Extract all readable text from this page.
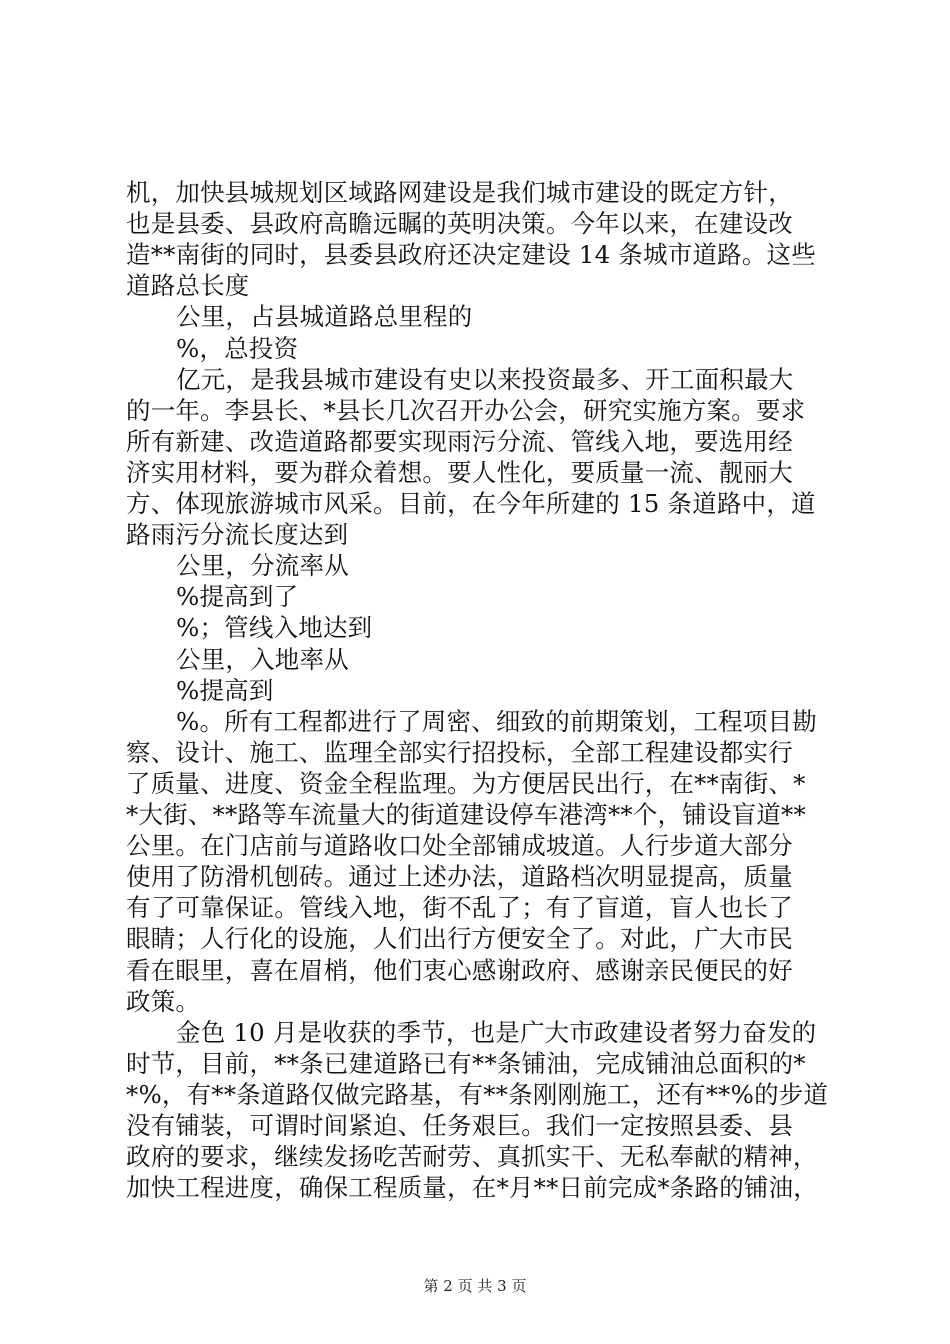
机，加快县城规划区域路网建设是我们城市建设的既定方针，
也是县委、县政府高瞻远瞩的英明决策。今年以来，在建设改
造**南街的同时，县委县政府还决定建设 14 条城市道路。这些
道路总长度
公里，占县城道路总里程的
%，总投资
亿元，是我县城市建设有史以来投资最多、开工面积最大
的一年。李县长、*县长几次召开办公会，研究实施方案。要求
所有新建、改造道路都要实现雨污分流、管线入地，要选用经
济实用材料，要为群众着想。要人性化，要质量一流、靓丽大
方、体现旅游城市风采。目前，在今年所建的 15 条道路中，道
路雨污分流长度达到
公里，分流率从
%提高到了
%；管线入地达到
公里，入地率从
%提高到
%。所有工程都进行了周密、细致的前期策划，工程项目勘
察、设计、施工、监理全部实行招投标，全部工程建设都实行
了质量、进度、资金全程监理。为方便居民出行，在**南街、*
*大街、**路等车流量大的街道建设停车港湾**个，铺设盲道**
公里。在门店前与道路收口处全部铺成坡道。人行步道大部分
使用了防滑机刨砖。通过上述办法，道路档次明显提高，质量
有了可靠保证。管线入地，街不乱了；有了盲道，盲人也长了
眼睛；人行化的设施，人们出行方便安全了。对此，广大市民
看在眼里，喜在眉梢，他们衷心感谢政府、感谢亲民便民的好
政策。
金色 10 月是收获的季节，也是广大市政建设者努力奋发的
时节，目前，**条已建道路已有**条铺油，完成铺油总面积的*
*%，有**条道路仅做完路基，有**条刚刚施工，还有**%的步道
没有铺装，可谓时间紧迫、任务艰巨。我们一定按照县委、县
政府的要求，继续发扬吃苦耐劳、真抓实干、无私奉献的精神，
加快工程进度，确保工程质量，在*月**日前完成*条路的铺油，
第 2 页 共 3 页
